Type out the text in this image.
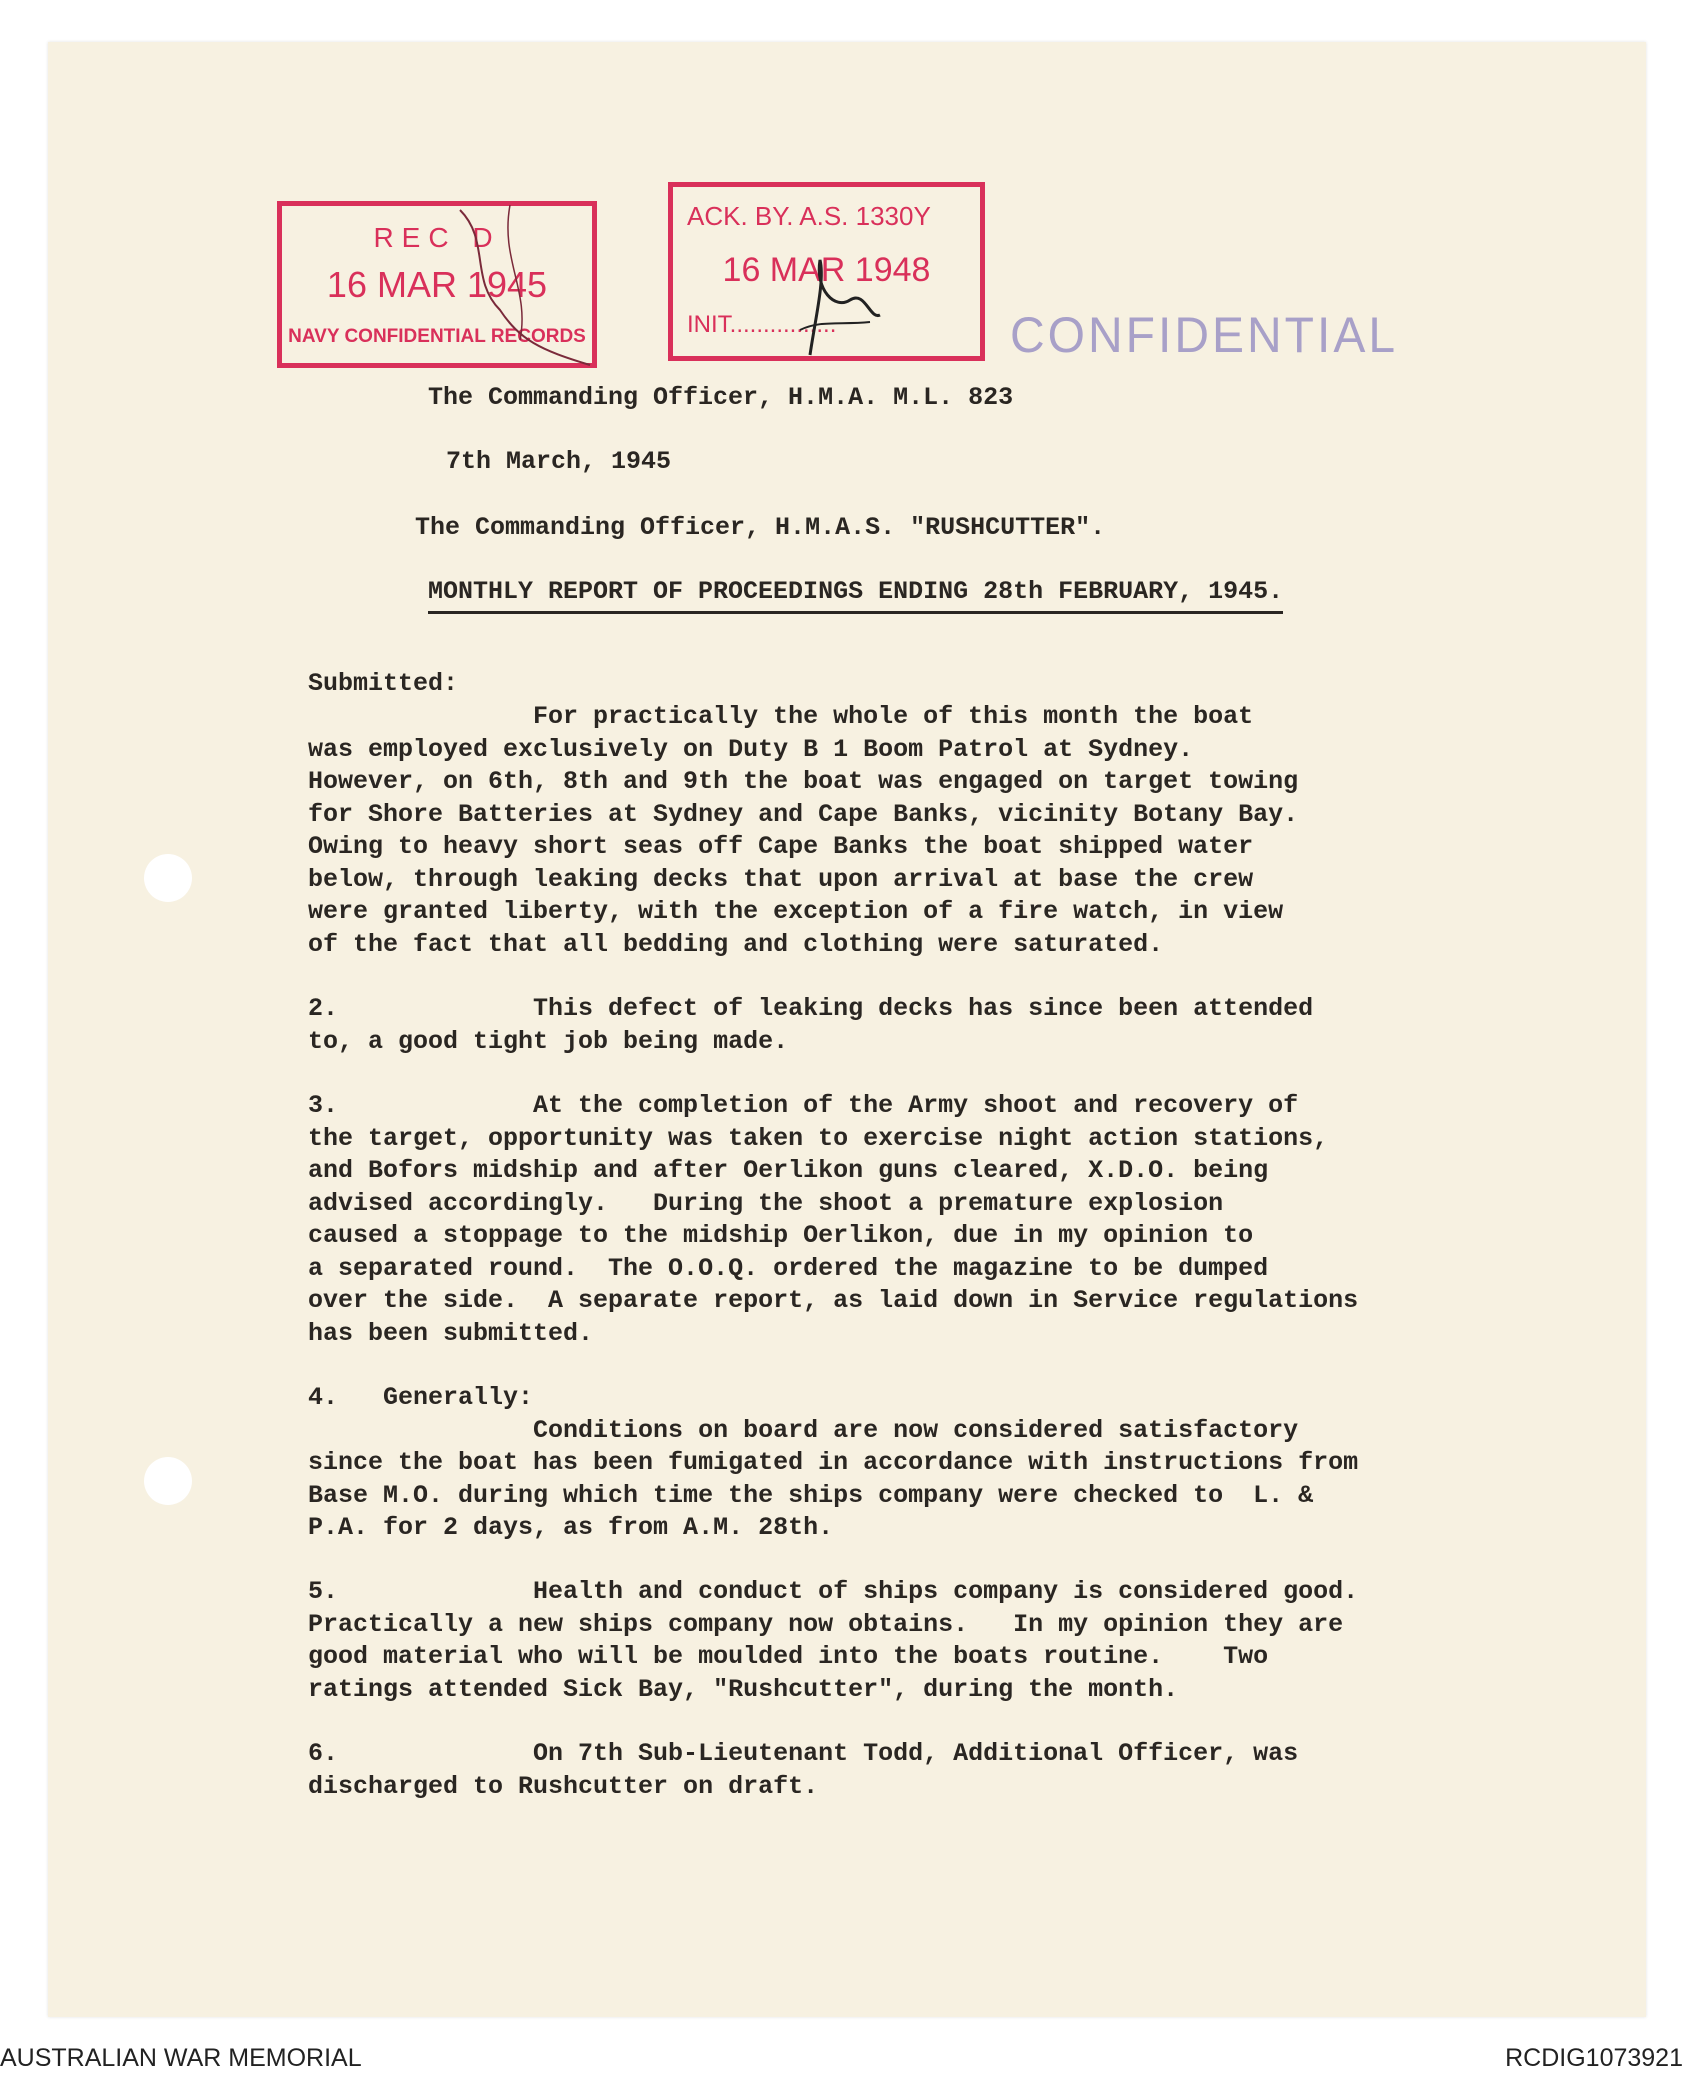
REC D
16 MAR 1945
NAVY CONFIDENTIAL RECORDS
ACK. BY. A.S. 1330Y
16 MAR 1948
INIT................	CONFIDENTIAL
The Commanding Officer, H.M.A. M.L. 823
7th March, 1945
The Commanding Officer, H.M.A.S. "RUSHCUTTER".
MONTHLY REPORT OF PROCEEDINGS ENDING 28th FEBRUARY, 1945.
Submitted:
For practically the whole of this month the boat
was employed exclusively on Duty B 1 Boom Patrol at Sydney.
However, on 6th, 8th and 9th the boat was engaged on target towing
for Shore Batteries at Sydney and Cape Banks, vicinity Botany Bay.
Owing to heavy short seas off Cape Banks the boat shipped water
below, through leaking decks that upon arrival at base the crew
were granted liberty, with the exception of a fire watch, in view
of the fact that all bedding and clothing were saturated.
2.             This defect of leaking decks has since been attended
to, a good tight job being made.
3.             At the completion of the Army shoot and recovery of
the target, opportunity was taken to exercise night action stations,
and Bofors midship and after Oerlikon guns cleared, X.D.O. being
advised accordingly.   During the shoot a premature explosion
caused a stoppage to the midship Oerlikon, due in my opinion to
a separated round.  The O.O.Q. ordered the magazine to be dumped
over the side.  A separate report, as laid down in Service regulations
has been submitted.
4.   Generally:
Conditions on board are now considered satisfactory
since the boat has been fumigated in accordance with instructions from
Base M.O. during which time the ships company were checked to  L. &
P.A. for 2 days, as from A.M. 28th.
5.             Health and conduct of ships company is considered good.
Practically a new ships company now obtains.   In my opinion they are
good material who will be moulded into the boats routine.    Two
ratings attended Sick Bay, "Rushcutter", during the month.
6.             On 7th Sub-Lieutenant Todd, Additional Officer, was
discharged to Rushcutter on draft.
AUSTRALIAN WAR MEMORIAL	RCDIG1073921
